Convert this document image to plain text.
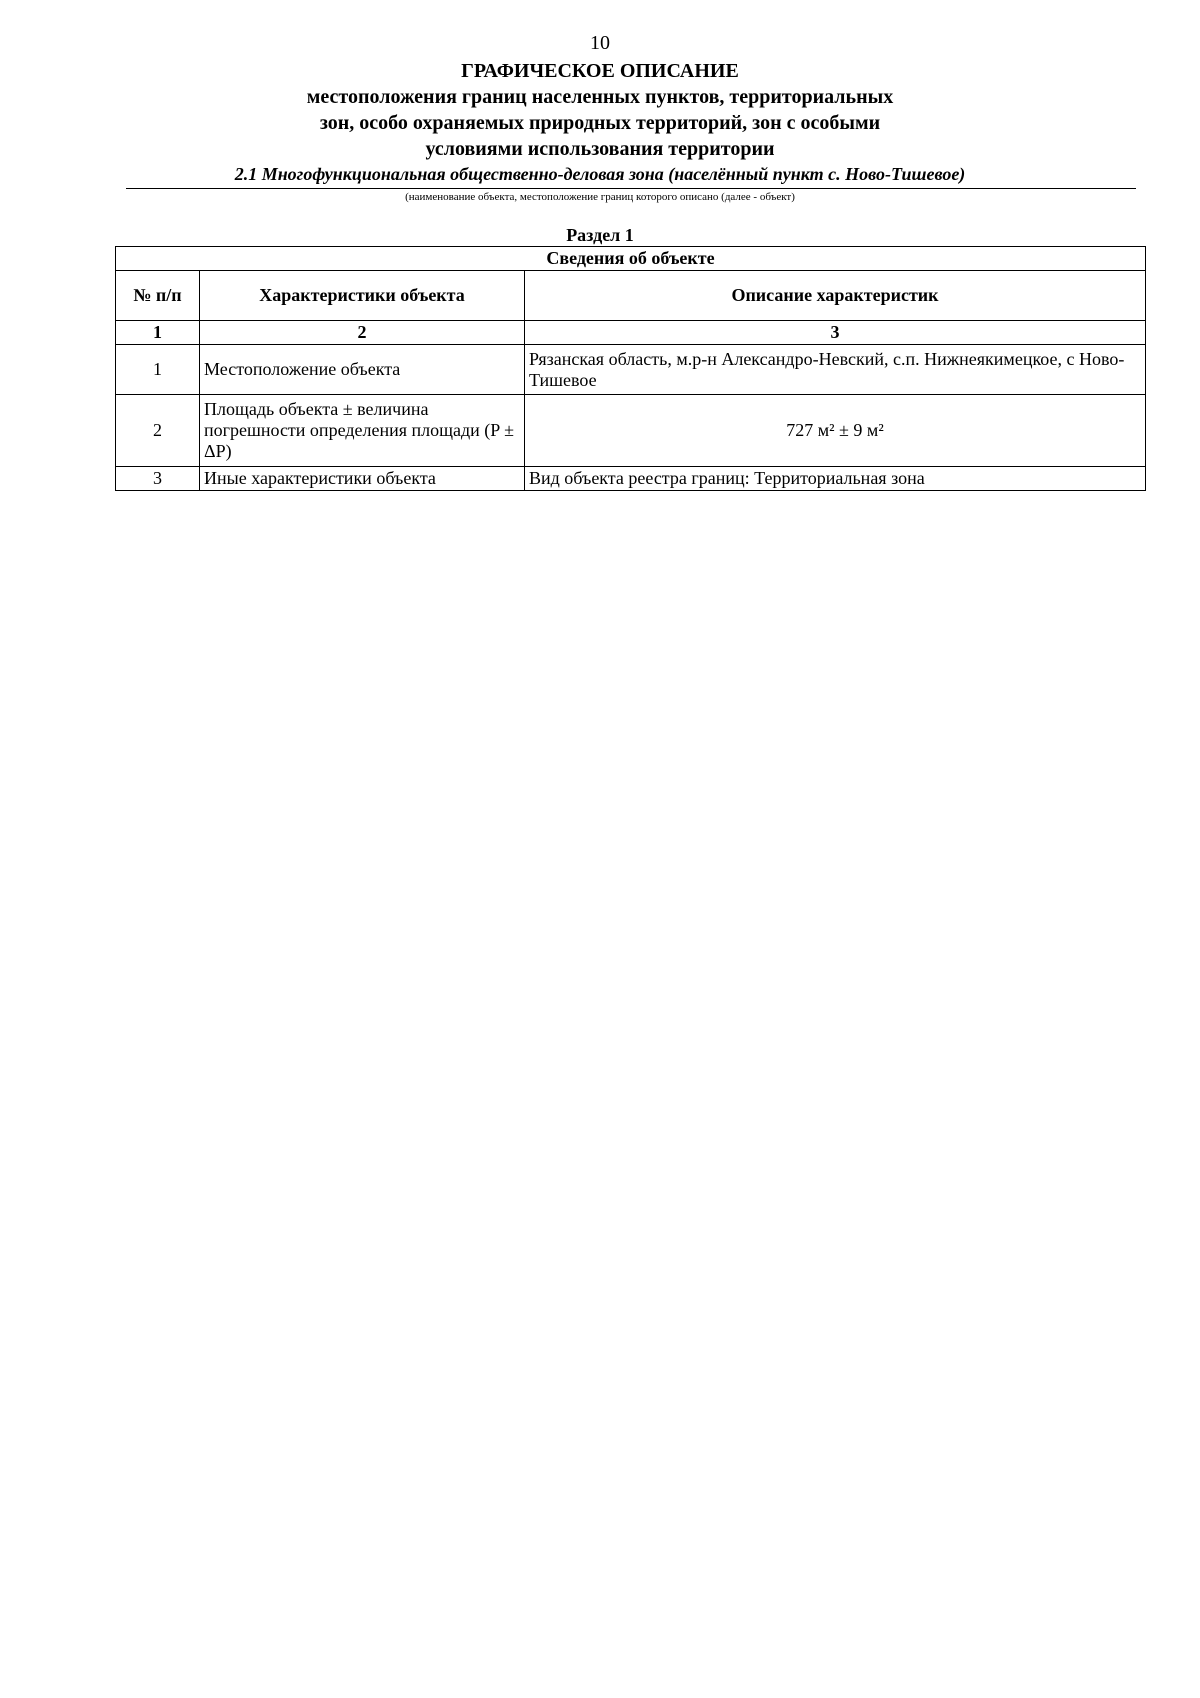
10
ГРАФИЧЕСКОЕ ОПИСАНИЕ
местоположения границ населенных пунктов, территориальных
зон, особо охраняемых природных территорий, зон с особыми
условиями использования территории
2.1 Многофункциональная общественно-деловая зона (населённый пункт с. Ново-Тишевое)
(наименование объекта, местоположение границ которого описано (далее - объект)
Раздел 1
Сведения об объекте		
№ п/п	Характеристики объекта	Описание характеристик
1	2	3
1	Местоположение объекта	Рязанская область, м.р-н Александро-Невский, с.п. Нижнеякимецкое, с Ново-Тишевое
2	Площадь объекта ± величина погрешности определения площади (P ± ΔP)	727 м² ± 9 м²
3	Иные характеристики объекта	Вид объекта реестра границ: Территориальная зона
